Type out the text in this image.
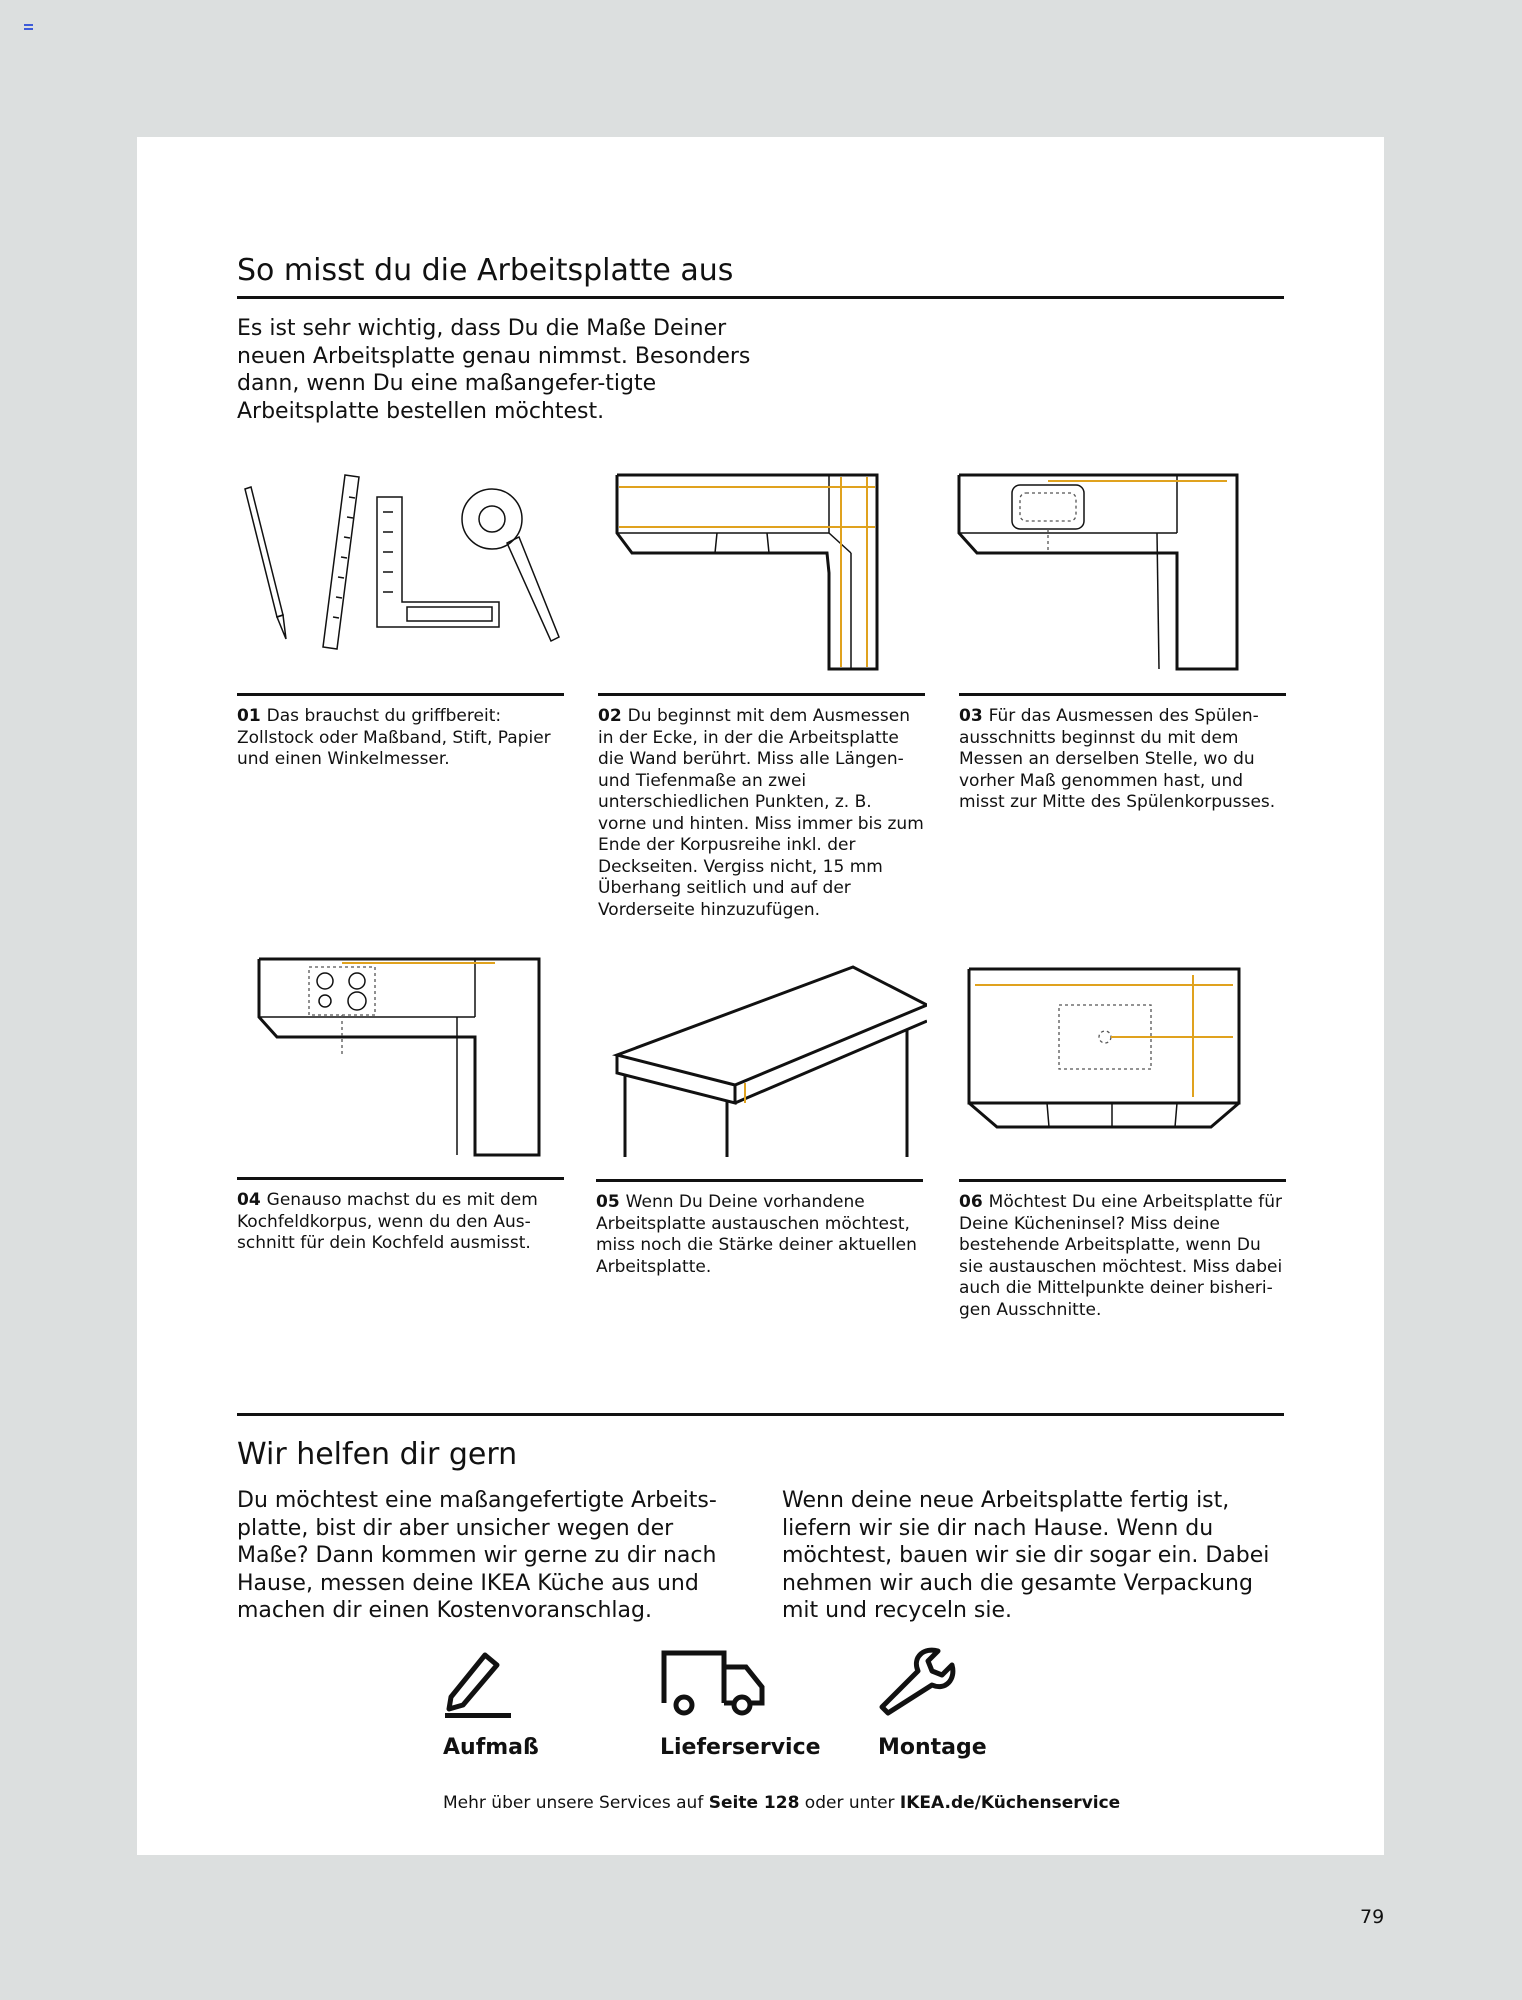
So misst du die Arbeitsplatte aus

Es ist sehr wichtig, dass Du die Maße Deiner neuen Arbeitsplatte genau nimmst. Besonders dann, wenn Du eine maßangefer-tigte Arbeitsplatte bestellen möchtest.

01 Das brauchst du griffbereit: Zollstock oder Maßband, Stift, Papier und einen Winkelmesser.
02 Du beginnst mit dem Ausmessen in der Ecke, in der die Arbeitsplatte die Wand berührt. Miss alle Längen- und Tiefenmaße an zwei unterschiedlichen Punkten, z. B. vorne und hinten. Miss immer bis zum Ende der Korpusreihe inkl. der Deckseiten. Vergiss nicht, 15 mm Überhang seitlich und auf der Vorderseite hinzuzufügen.
03 Für das Ausmessen des Spülen-ausschnitts beginnst du mit dem Messen an derselben Stelle, wo du vorher Maß genommen hast, und misst zur Mitte des Spülenkorpusses.
04 Genauso machst du es mit dem Kochfeldkorpus, wenn du den Aus-schnitt für dein Kochfeld ausmisst.
05 Wenn Du Deine vorhandene Arbeitsplatte austauschen möchtest, miss noch die Stärke deiner aktuellen Arbeitsplatte.
06 Möchtest Du eine Arbeitsplatte für Deine Kücheninsel? Miss deine bestehende Arbeitsplatte, wenn Du sie austauschen möchtest. Miss dabei auch die Mittelpunkte deiner bisheri-gen Ausschnitte.
Wir helfen dir gern

Du möchtest eine maßangefertigte Arbeits-platte, bist dir aber unsicher wegen der Maße? Dann kommen wir gerne zu dir nach Hause, messen deine IKEA Küche aus und machen dir einen Kostenvoranschlag.

Wenn deine neue Arbeitsplatte fertig ist, liefern wir sie dir nach Hause. Wenn du möchtest, bauen wir sie dir sogar ein. Dabei nehmen wir auch die gesamte Verpackung mit und recyceln sie.

Aufmaß	Lieferservice	Montage
Mehr über unsere Services auf Seite 128 oder unter IKEA.de/Küchenservice
79
